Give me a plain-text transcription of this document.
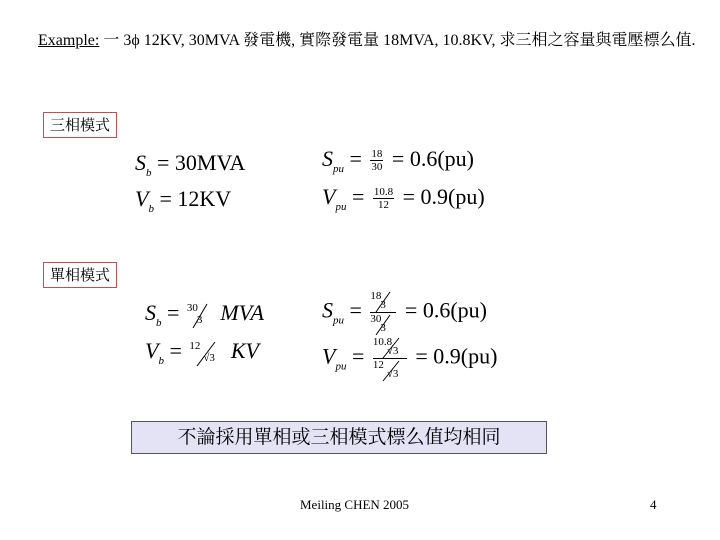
Example: 一 3ϕ 12KV, 30MVA 發電機, 實際發電量 18MVA, 10.8KV, 求三相之容量與電壓標么值.
三相模式
$S_b = 30MVA$
$V_b = 12KV$
$S_{pu} = \frac{18}{30} = 0.6(pu)$
$V_{pu} = \frac{10.8}{12} = 0.9(pu)$
單相模式
$S_b = 30$
3 MVA
$V_b = 12$
√3 KV
$S_{pu} = 18$
3
30
3 = 0.6(pu)
$V_{pu} = 10.8$
√3
12
√3 = 0.9(pu)
不論採用單相或三相模式標么值均相同
Meiling CHEN 2005	4
